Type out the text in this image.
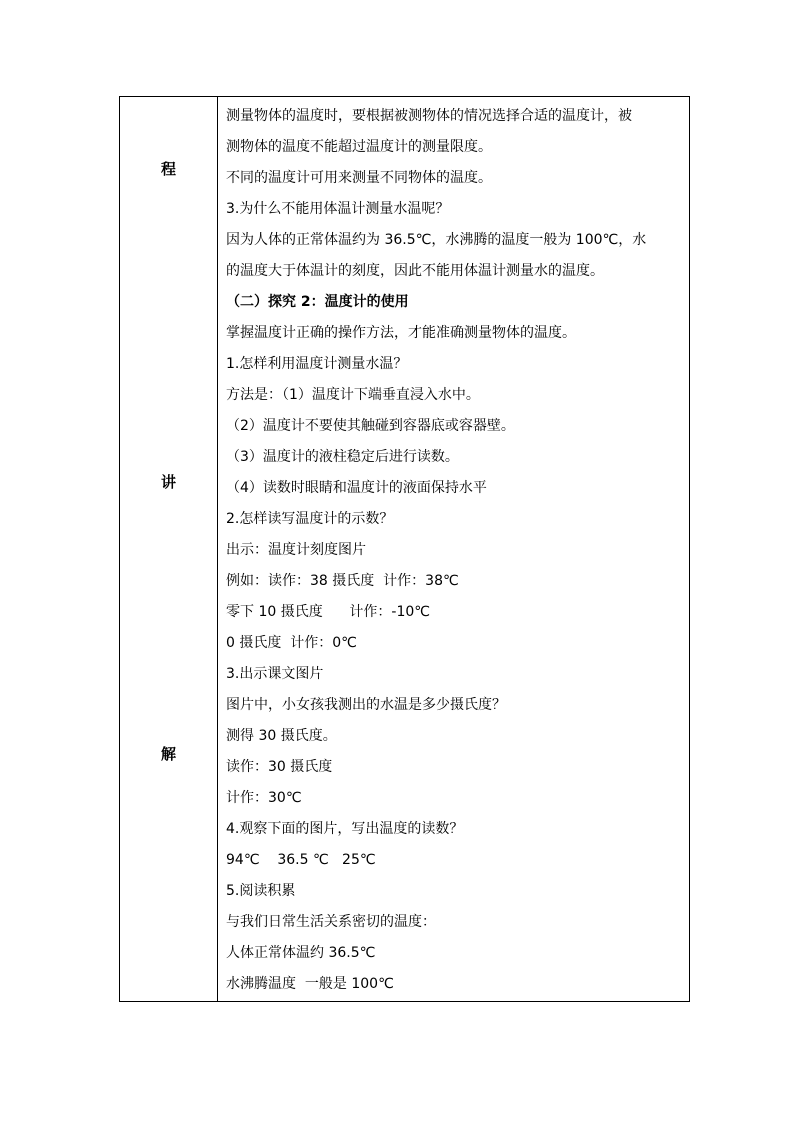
程
讲
解
测量物体的温度时，要根据被测物体的情况选择合适的温度计，被
测物体的温度不能超过温度计的测量限度。
不同的温度计可用来测量不同物体的温度。
3.为什么不能用体温计测量水温呢？
因为人体的正常体温约为 36.5℃，水沸腾的温度一般为 100℃，水
的温度大于体温计的刻度，因此不能用体温计测量水的温度。
（二）探究 2：温度计的使用
掌握温度计正确的操作方法，才能准确测量物体的温度。
1.怎样利用温度计测量水温？
方法是：（1）温度计下端垂直浸入水中。
（2）温度计不要使其触碰到容器底或容器壁。
（3）温度计的液柱稳定后进行读数。
（4）读数时眼睛和温度计的液面保持水平
2.怎样读写温度计的示数？
出示：温度计刻度图片
例如：读作：38 摄氏度  计作：38℃
零下 10 摄氏度      计作：-10℃
0 摄氏度  计作：0℃
3.出示课文图片
图片中，小女孩我测出的水温是多少摄氏度？
测得 30 摄氏度。
读作：30 摄氏度
计作：30℃
4.观察下面的图片，写出温度的读数？
94℃    36.5 ℃   25℃
5.阅读积累
与我们日常生活关系密切的温度：
人体正常体温约 36.5℃
水沸腾温度  一般是 100℃
